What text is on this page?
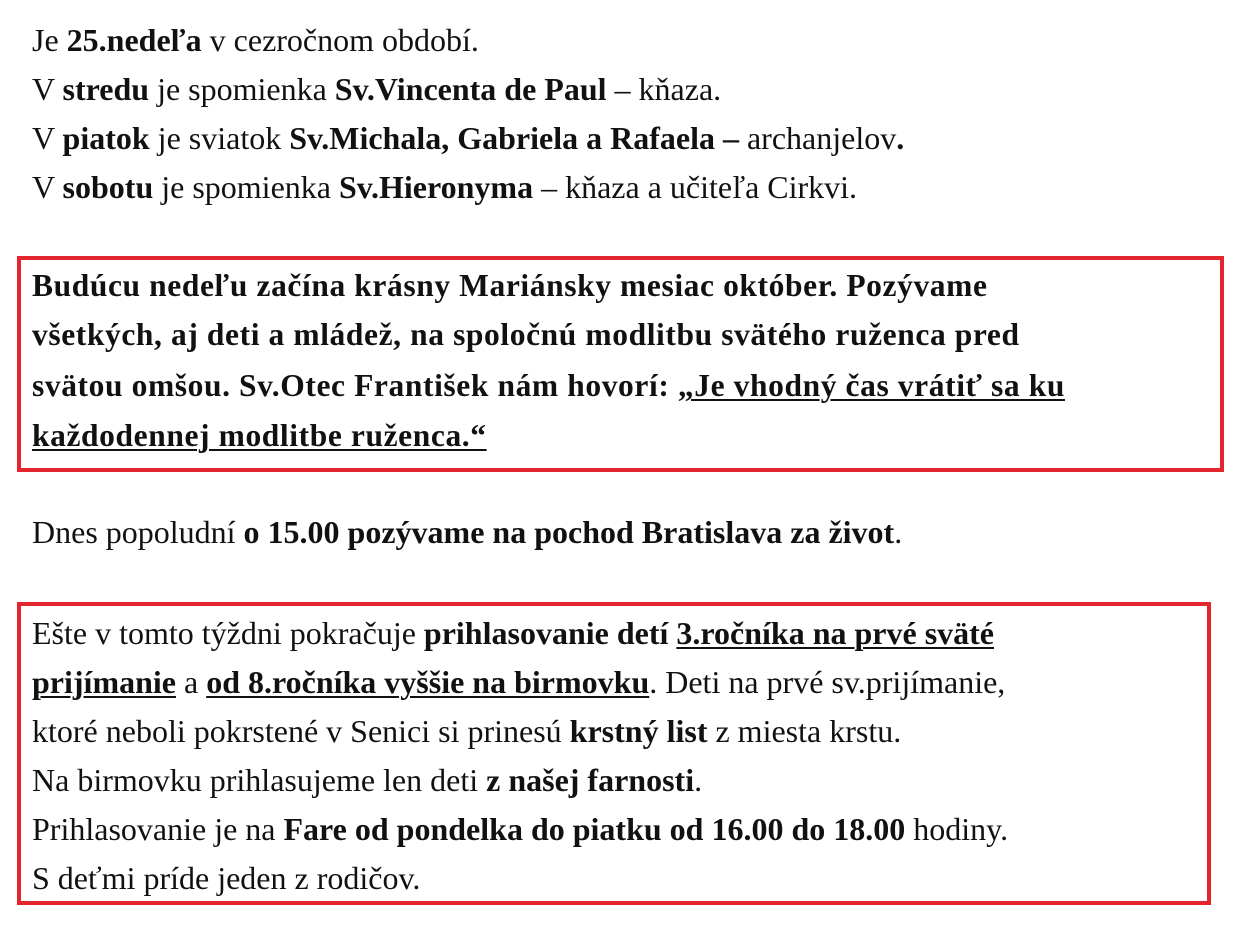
Je 25.nedeľa v cezročnom období.
V stredu je spomienka Sv.Vincenta de Paul – kňaza.
V piatok je sviatok Sv.Michala, Gabriela a Rafaela – archanjelov.
V sobotu je spomienka Sv.Hieronyma – kňaza a učiteľa Cirkvi.
Budúcu nedeľu začína krásny Mariánsky mesiac október. Pozývame
všetkých, aj deti a mládež, na spoločnú modlitbu svätého ruženca pred
svätou omšou. Sv.Otec František nám hovorí: „Je vhodný čas vrátiť sa ku
každodennej modlitbe ruženca.“
Dnes popoludní o 15.00 pozývame na pochod Bratislava za život.
Ešte v tomto týždni pokračuje prihlasovanie detí 3.ročníka na prvé sväté
prijímanie a od 8.ročníka vyššie na birmovku. Deti na prvé sv.prijímanie,
ktoré neboli pokrstené v Senici si prinesú krstný list z miesta krstu.
Na birmovku prihlasujeme len deti z našej farnosti.
Prihlasovanie je na Fare od pondelka do piatku od 16.00 do 18.00 hodiny.
S deťmi príde jeden z rodičov.
